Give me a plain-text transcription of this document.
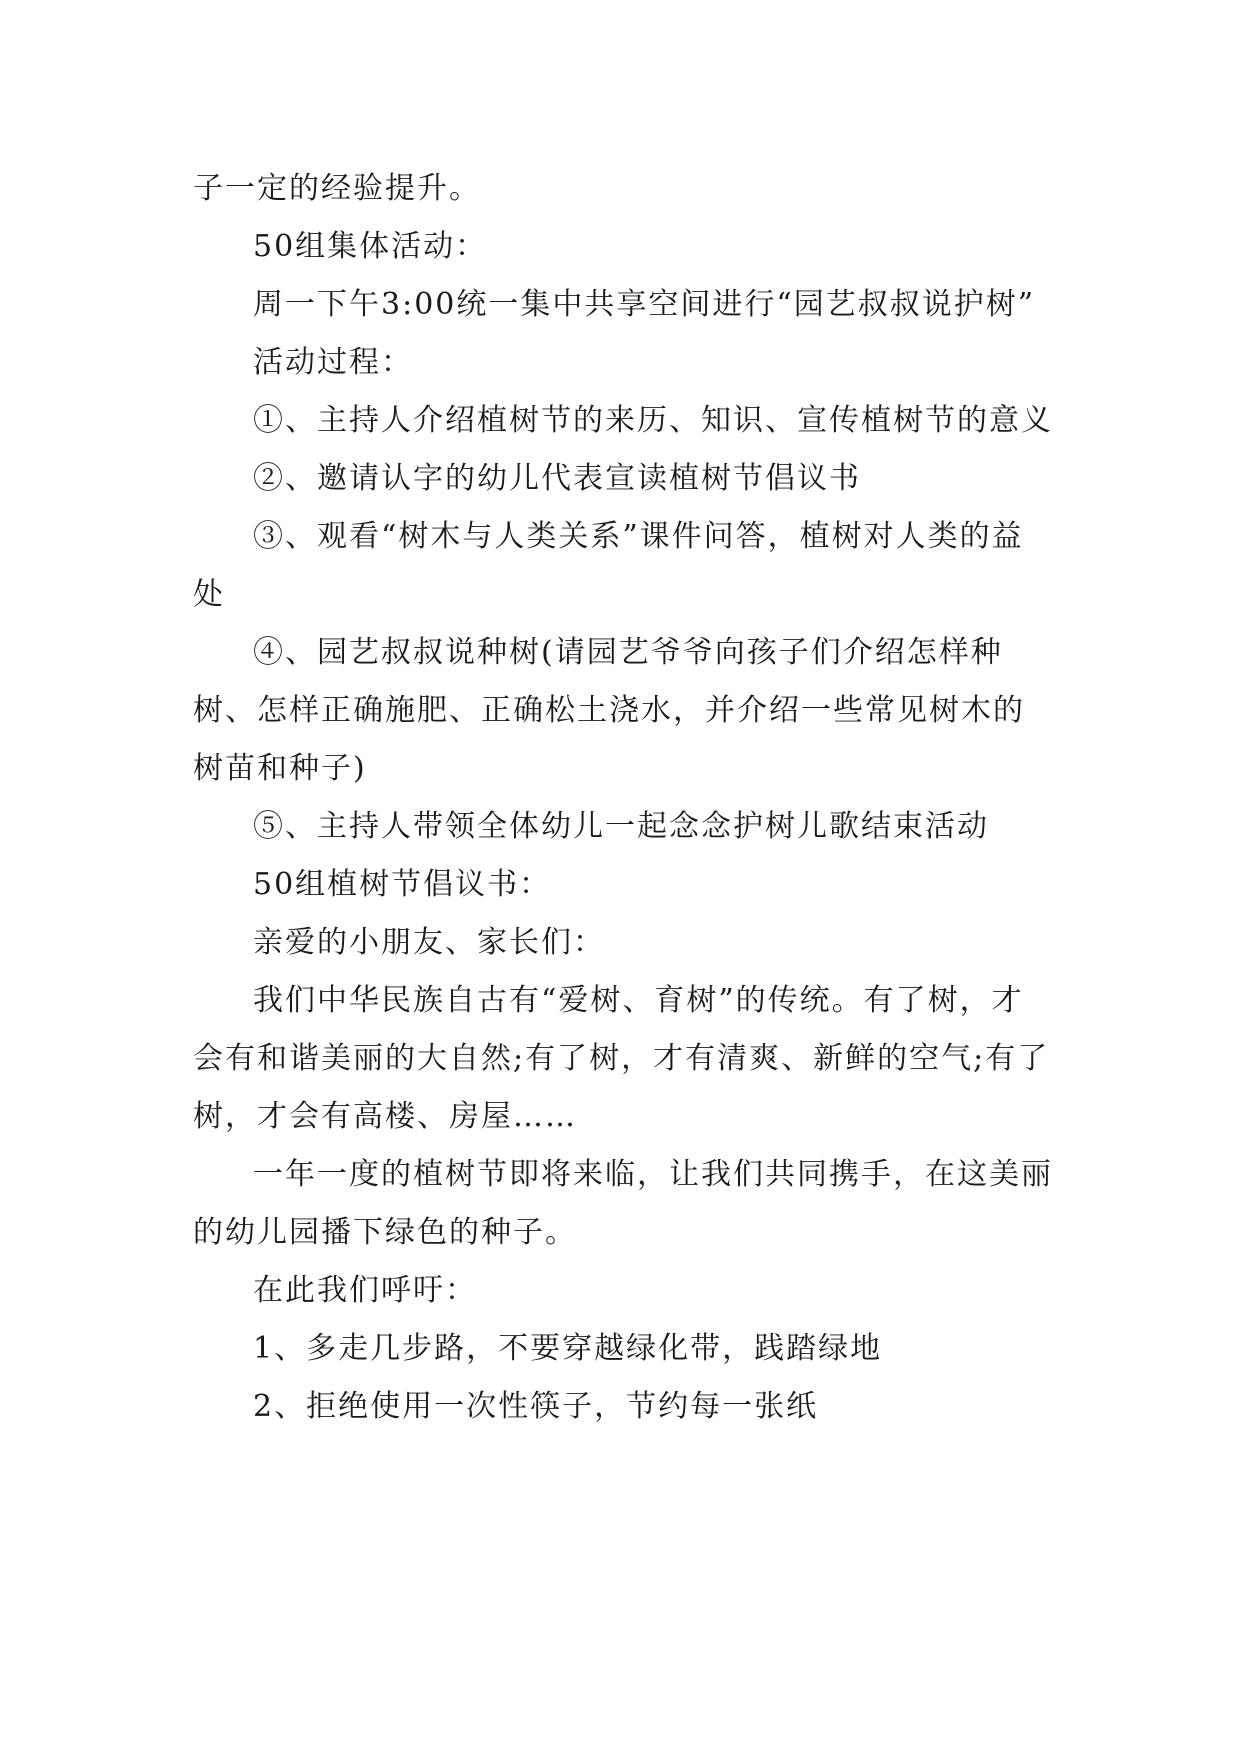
子一定的经验提升。

50组集体活动：

周一下午3:00统一集中共享空间进行“园艺叔叔说护树”

活动过程：

①、主持人介绍植树节的来历、知识、宣传植树节的意义

②、邀请认字的幼儿代表宣读植树节倡议书

③、观看“树木与人类关系”课件问答，植树对人类的益处

④、园艺叔叔说种树(请园艺爷爷向孩子们介绍怎样种树、怎样正确施肥、正确松土浇水，并介绍一些常见树木的树苗和种子)

⑤、主持人带领全体幼儿一起念念护树儿歌结束活动

50组植树节倡议书：

亲爱的小朋友、家长们：

我们中华民族自古有“爱树、育树”的传统。有了树，才会有和谐美丽的大自然;有了树，才有清爽、新鲜的空气;有了树，才会有高楼、房屋……

一年一度的植树节即将来临，让我们共同携手，在这美丽的幼儿园播下绿色的种子。

在此我们呼吁：

1、多走几步路，不要穿越绿化带，践踏绿地

2、拒绝使用一次性筷子，节约每一张纸
